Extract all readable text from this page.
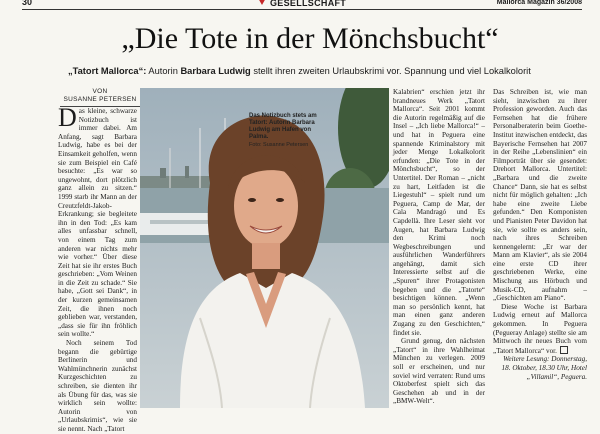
30	GESELLSCHAFT	Mallorca Magazin 36/2008
„Die Tote in der Mönchsbucht“
„Tatort Mallorca“: Autorin Barbara Ludwig stellt ihren zweiten Urlaubskrimi vor. Spannung und viel Lokalkolorit
VON
SUSANNE PETERSEN

Das kleine, schwarze Notizbuch ist immer dabei. Am Anfang, sagt Barbara Ludwig, habe es bei der Einsamkeit geholfen, wenn sie zum Beispiel ein Café besuchte: „Es war so ungewohnt, dort plötzlich ganz allein zu sitzen.“ 1999 starb ihr Mann an der Creutzfeldt-Jakob-Erkrankung; sie begleitete ihn in den Tod: „Es kam alles unfassbar schnell, von einem Tag zum anderen war nichts mehr wie vorher.“ Über diese Zeit hat sie ihr erstes Buch geschrieben: „Vom Weinen in die Zeit zu schade.“ Sie habe, „Gott sei Dank“, in der kurzen gemeinsamen Zeit, die ihnen noch geblieben war, verstanden, „dass sie für ihn fröhlich sein wollte.“

Noch seinem Tod begann die gebürtige Berlinerin und Wahlmünchnerin zunächst Kurzgeschichten zu schreiben, sie dienten ihr als Übung für das, was sie wirklich sein wollte: Autorin von „Urlaubskrimis“, wie sie sie nennt. Nach „Tatort

Das Notizbuch stets am Tatort: Autorin Barbara Ludwig am Hafen von Palma.
Foto: Susanne Petersen

Kalabrien“ erschien jetzt ihr brandneues Werk „Tatort Mallorca“. Seit 2001 kommt die Autorin regelmäßig auf die Insel – „Ich liebe Mallorca!“ – und hat in Peguera eine spannende Kriminalstory mit jeder Menge Lokalkolorit erfunden: „Die Tote in der Mönchsbucht“, so der Untertitel. Der Roman – „nicht zu hart, Leitfaden ist die Liegestuhl“ – spielt rund um Peguera, Camp de Mar, der Cala Mandragó und Es Capdellà. Ihre Leser sieht vor Augen, hat Barbara Ludwig den Krimi noch Wegbeschreibungen und ausführlichen Wanderführers angehängt, damit sich Interessierte selbst auf die „Spuren“ ihrer Protagonisten begeben und die „Tatorte“ besichtigen können. „Wenn man so persönlich kennt, hat man einen ganz anderen Zugang zu den Geschichten,“ findet sie.

Grund genug, den nächsten „Tatort“ in ihre Wahlheimat München zu verlegen. 2009 soll er erscheinen, und nur soviel wird verraten: Rund ums Oktoberfest spielt sich das Geschehen ab und in der „BMW-Welt“.

Das Schreiben ist, wie man sieht, inzwischen zu ihrer Profession geworden. Auch das Fernsehen hat die frühere Personalberaterin beim Goethe-Institut inzwischen entdeckt, das Bayerische Fernsehen hat 2007 in der Reihe „Lebenslinien“ ein Filmporträt über sie gesendet: Drehort Mallorca. Untertitel: „Barbara und die zweite Chance“ Dann, sie hat es selbst nicht für möglich gehalten: „Ich habe eine zweite Liebe gefunden.“ Den Komponisten und Pianisten Peter Davidon hat sie, wie sollte es anders sein, nach ihres Schreiben kennengelernt: „Er war der Mann am Klavier“, als sie 2004 eine erste CD ihrer geschriebenen Werke, eine Mischung aus Hörbuch und Musik-CD, aufnahm – „Geschichten am Piano“.

Diese Woche ist Barbara Ludwig erneut auf Mallorca gekommen. In Peguera (Pegueray Anlage) stellte sie am Mittwoch ihr neues Buch vom „Tatort Mallorca“ vor.

Weitere Lesung: Donnerstag, 18. Oktober, 18.30 Uhr, Hotel „Villamil“, Peguera.
